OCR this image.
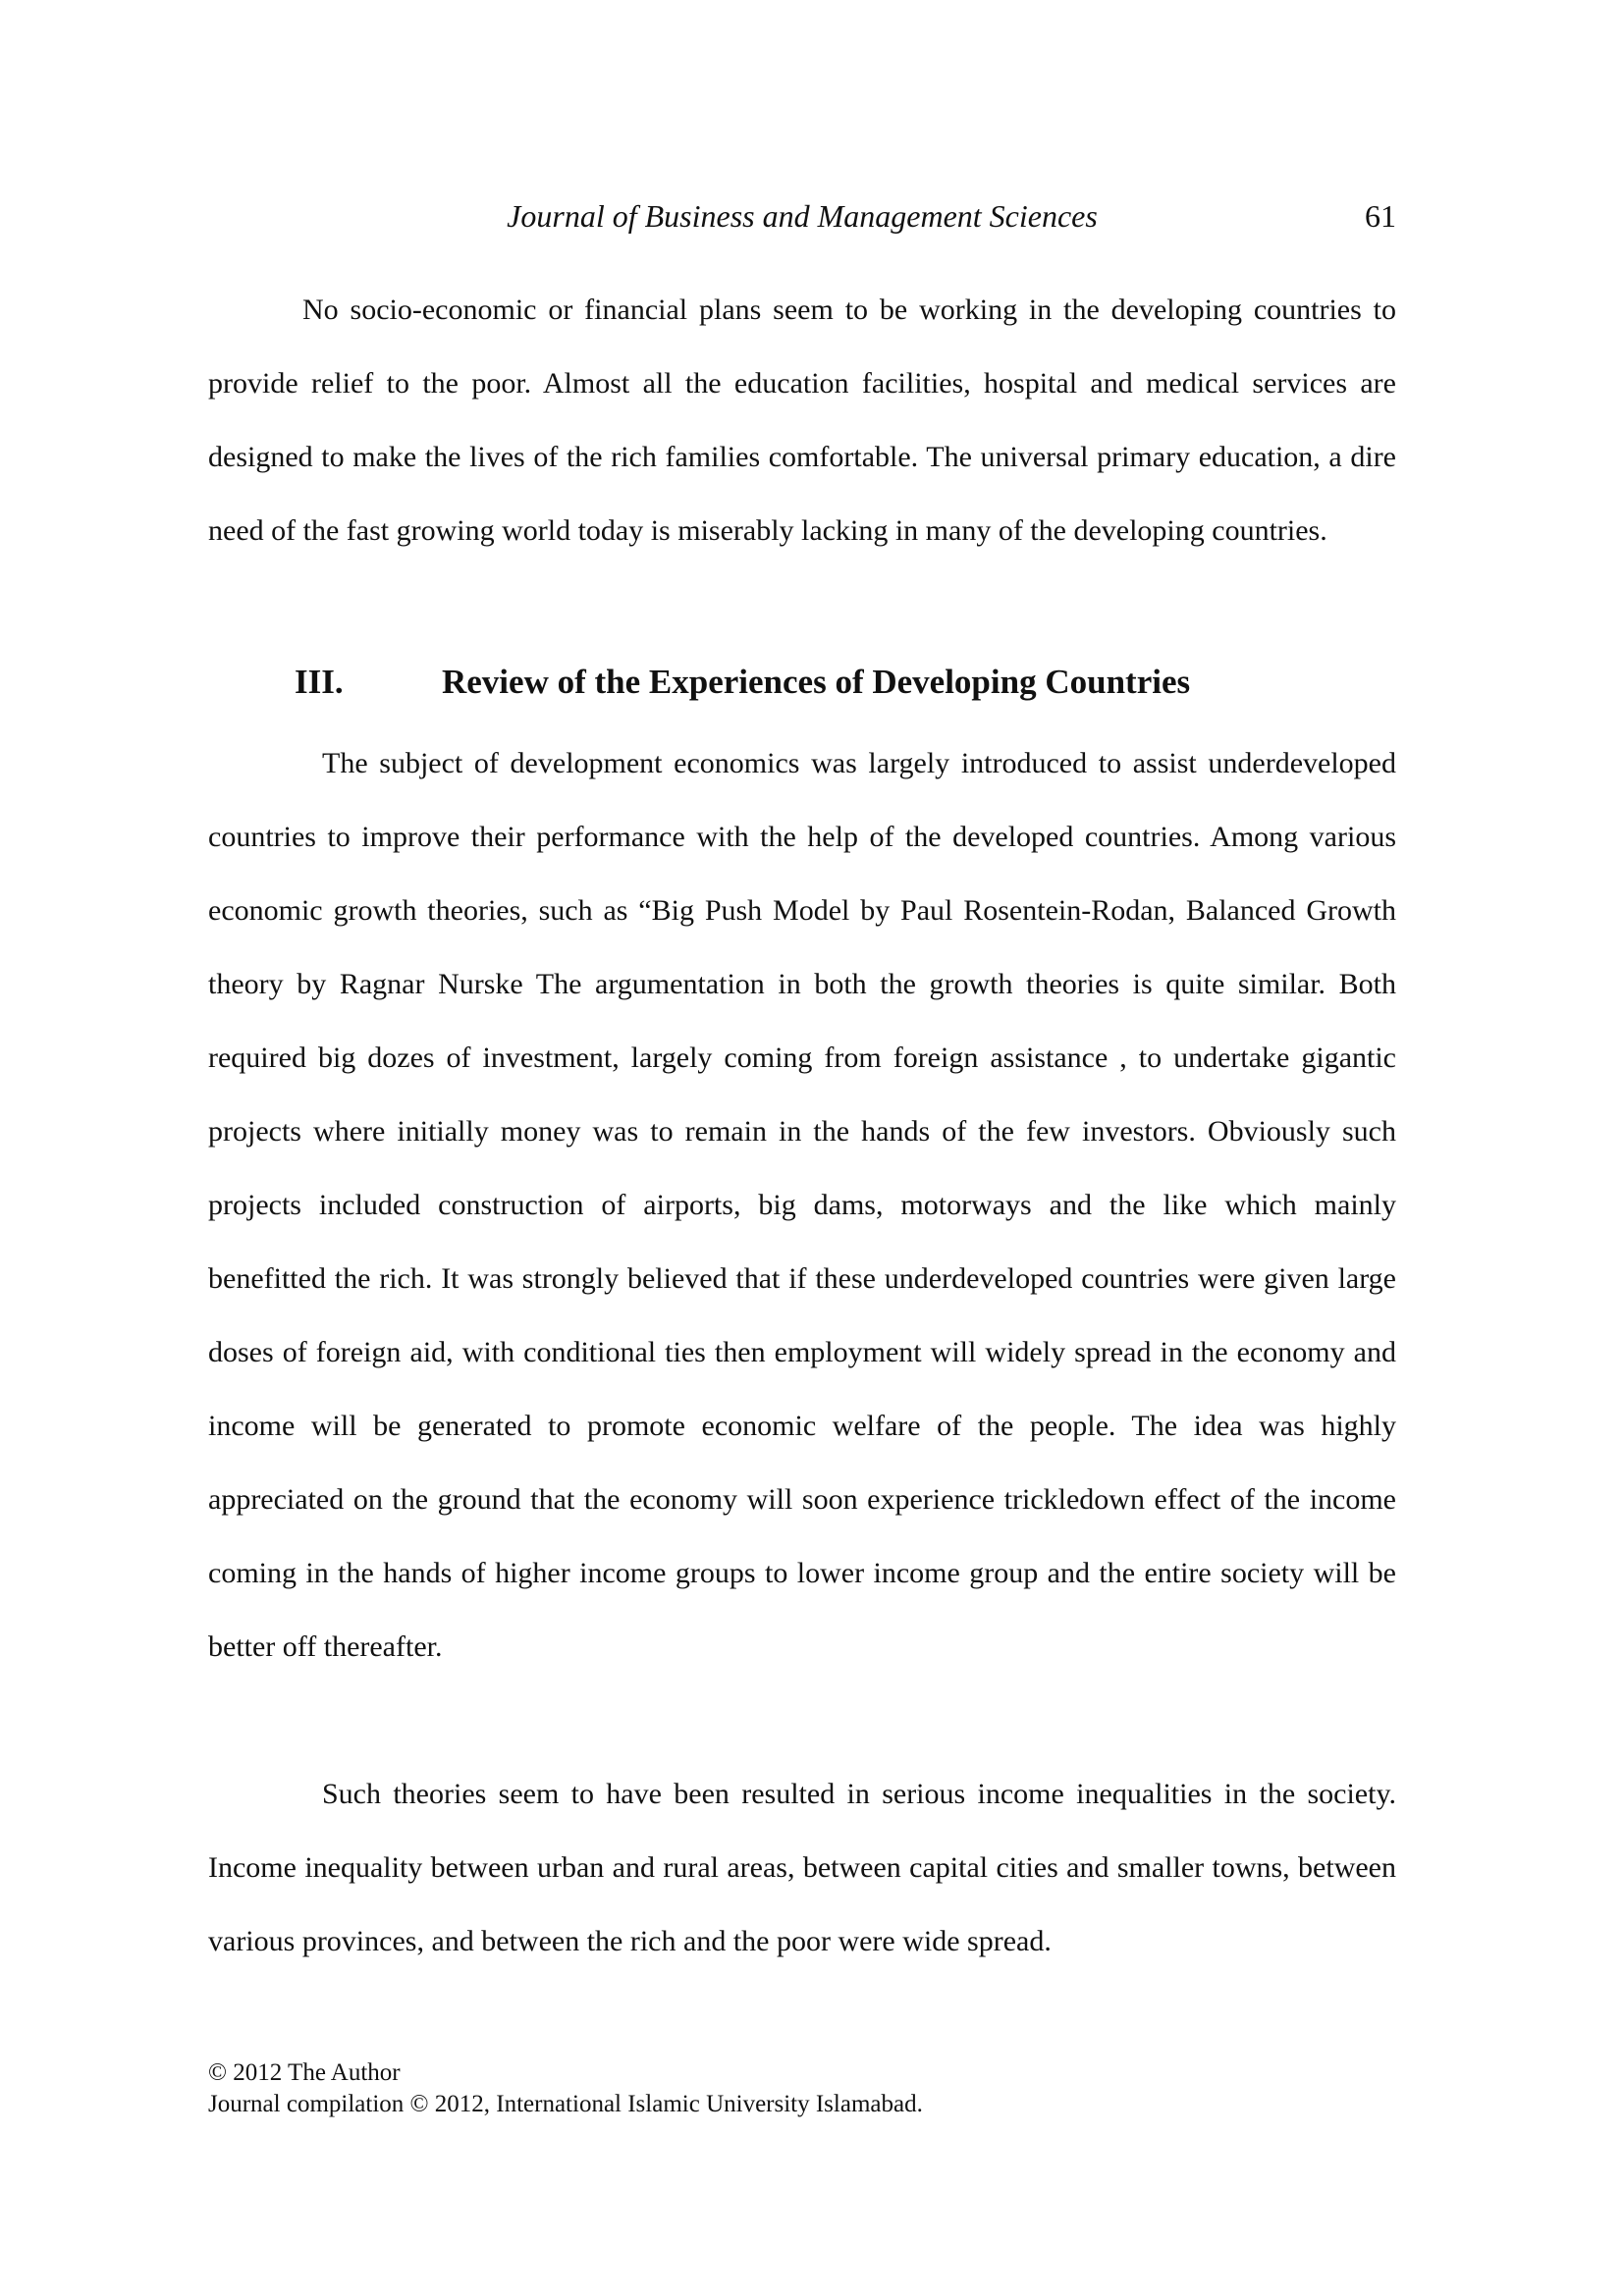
Journal of Business and Management Sciences	61

No socio-economic or financial plans seem to be working in the developing countries to provide relief to the poor. Almost all the education facilities, hospital and medical services are designed to make the lives of the rich families comfortable. The universal primary education, a dire need of the fast growing world today is miserably lacking in many of the developing countries.

III.	Review of the Experiences of Developing Countries

The subject of development economics was largely introduced to assist underdeveloped countries to improve their performance with the help of the developed countries. Among various economic growth theories, such as “Big Push Model by Paul Rosentein-Rodan, Balanced Growth theory by Ragnar Nurske The argumentation in both the growth theories is quite similar. Both required big dozes of investment, largely coming from foreign assistance , to undertake gigantic projects where initially money was to remain in the hands of the few investors. Obviously such projects included construction of airports, big dams, motorways and the like which mainly benefitted the rich. It was strongly believed that if these underdeveloped countries were given large doses of foreign aid, with conditional ties then employment will widely spread in the economy and income will be generated to promote economic welfare of the people. The idea was highly appreciated on the ground that the economy will soon experience trickledown effect of the income coming in the hands of higher income groups to lower income group and the entire society will be better off thereafter.

Such theories seem to have been resulted in serious income inequalities in the society. Income inequality between urban and rural areas, between capital cities and smaller towns, between various provinces, and between the rich and the poor were wide spread.

© 2012 The Author
Journal compilation © 2012, International Islamic University Islamabad.
